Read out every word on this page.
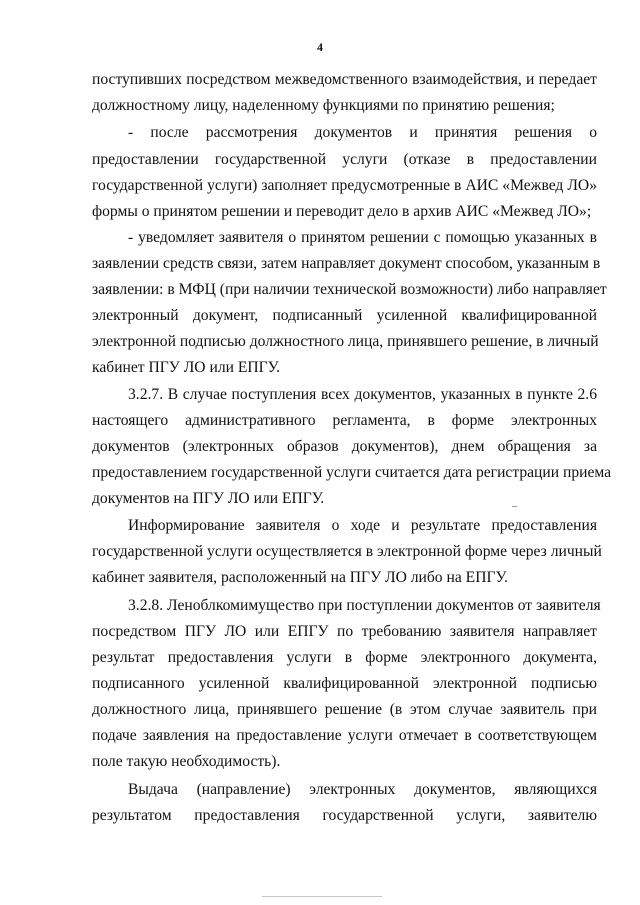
4
поступивших посредством межведомственного взаимодействия, и передает
должностному лицу, наделенному функциями по принятию решения;
- после рассмотрения документов и принятия решения о
предоставлении государственной услуги (отказе в предоставлении
государственной услуги) заполняет предусмотренные в АИС «Межвед ЛО»
формы о принятом решении и переводит дело в архив АИС «Межвед ЛО»;
- уведомляет заявителя о принятом решении с помощью указанных в
заявлении средств связи, затем направляет документ способом, указанным в
заявлении: в МФЦ (при наличии технической возможности) либо направляет
электронный документ, подписанный усиленной квалифицированной
электронной подписью должностного лица, принявшего решение, в личный
кабинет ПГУ ЛО или ЕПГУ.
3.2.7. В случае поступления всех документов, указанных в пункте 2.6
настоящего административного регламента, в форме электронных
документов (электронных образов документов), днем обращения за
предоставлением государственной услуги считается дата регистрации приема
документов на ПГУ ЛО или ЕПГУ.
Информирование заявителя о ходе и результате предоставления
государственной услуги осуществляется в электронной форме через личный
кабинет заявителя, расположенный на ПГУ ЛО либо на ЕПГУ.
3.2.8. Леноблкомимущество при поступлении документов от заявителя
посредством ПГУ ЛО или ЕПГУ по требованию заявителя направляет
результат предоставления услуги в форме электронного документа,
подписанного усиленной квалифицированной электронной подписью
должностного лица, принявшего решение (в этом случае заявитель при
подаче заявления на предоставление услуги отмечает в соответствующем
поле такую необходимость).
Выдача (направление) электронных документов, являющихся
результатом предоставления государственной услуги, заявителю
